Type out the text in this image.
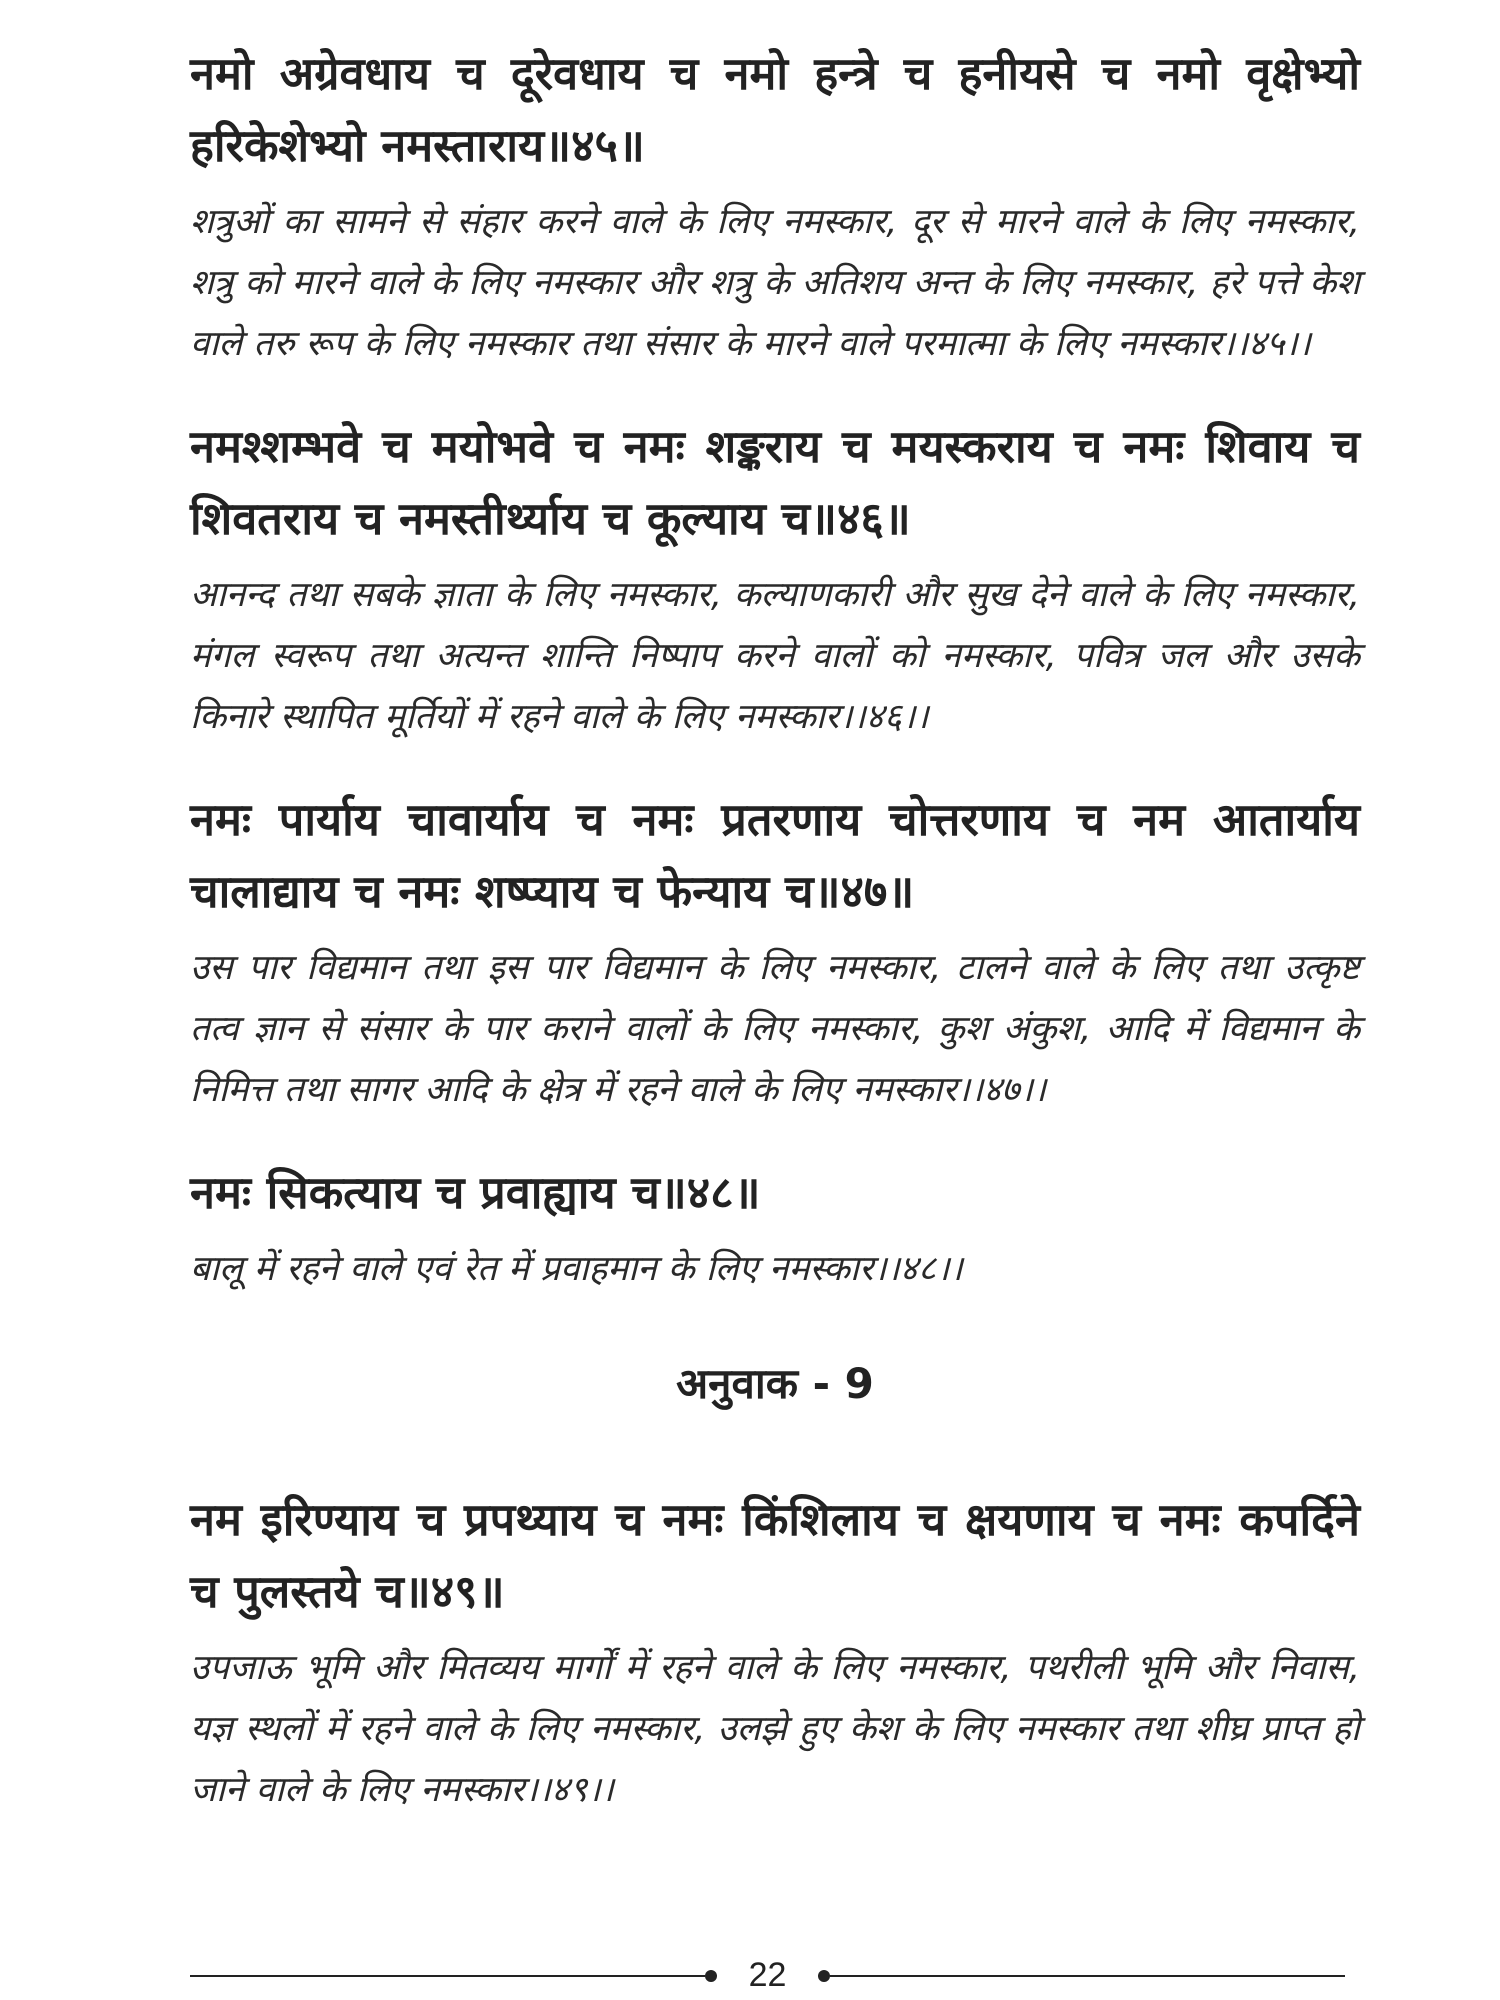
नमो अग्रेवधाय च दूरेवधाय च नमो हन्त्रे च हनीयसे च नमो वृक्षेभ्यो हरिकेशेभ्यो नमस्ताराय॥४५॥

शत्रुओं का सामने से संहार करने वाले के लिए नमस्कार, दूर से मारने वाले के लिए नमस्कार, शत्रु को मारने वाले के लिए नमस्कार और शत्रु के अतिशय अन्त के लिए नमस्कार, हरे पत्ते केश वाले तरु रूप के लिए नमस्कार तथा संसार के मारने वाले परमात्मा के लिए नमस्कार।।४५।।

नमश्शम्भवे च मयोभवे च नमः शङ्कराय च मयस्कराय च नमः शिवाय च शिवतराय च नमस्तीर्थ्याय च कूल्याय च॥४६॥

आनन्द तथा सबके ज्ञाता के लिए नमस्कार, कल्याणकारी और सुख देने वाले के लिए नमस्कार, मंगल स्वरूप तथा अत्यन्त शान्ति निष्पाप करने वालों को नमस्कार, पवित्र जल और उसके किनारे स्थापित मूर्तियों में रहने वाले के लिए नमस्कार।।४६।।

नमः पार्याय चावार्याय च नमः प्रतरणाय चोत्तरणाय च नम आतार्याय चालाद्याय च नमः शष्प्याय च फेन्याय च॥४७॥

उस पार विद्यमान तथा इस पार विद्यमान के लिए नमस्कार, टालने वाले के लिए तथा उत्कृष्ट तत्व ज्ञान से संसार के पार कराने वालों के लिए नमस्कार, कुश अंकुश, आदि में विद्यमान के निमित्त तथा सागर आदि के क्षेत्र में रहने वाले के लिए नमस्कार।।४७।।

नमः सिकत्याय च प्रवाह्याय च॥४८॥

बालू में रहने वाले एवं रेत में प्रवाहमान के लिए नमस्कार।।४८।।

अनुवाक - 9

नम इरिण्याय च प्रपथ्याय च नमः किंशिलाय च क्षयणाय च नमः कपर्दिने च पुलस्तये च॥४९॥

उपजाऊ भूमि और मितव्यय मार्गों में रहने वाले के लिए नमस्कार, पथरीली भूमि और निवास, यज्ञ स्थलों में रहने वाले के लिए नमस्कार, उलझे हुए केश के लिए नमस्कार तथा शीघ्र प्राप्त हो जाने वाले के लिए नमस्कार।।४९।।

22
